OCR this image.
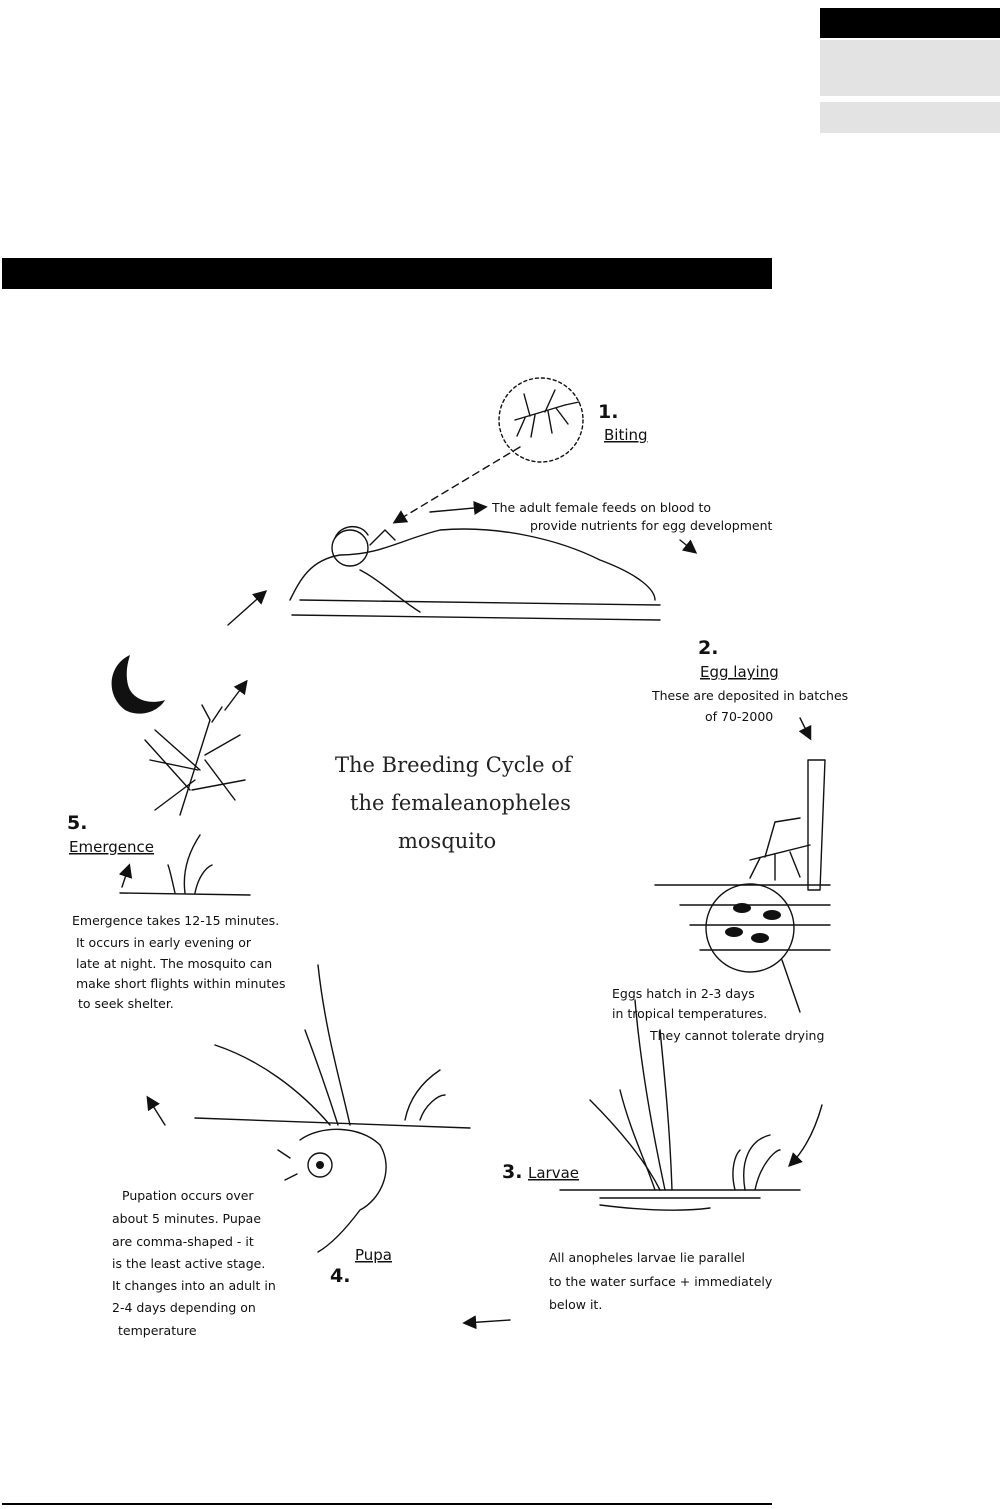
The Breeding Cycle of
the femaleanopheles
mosquito
1.
Biting
The adult female feeds on blood to
provide nutrients for egg development
2.
Egg laying
These are deposited in batches
of 70-2000
Eggs hatch in 2-3 days
in tropical temperatures.
They cannot tolerate drying
3. Larvae
All anopheles larvae lie parallel
to the water surface + immediately
below it.
Pupation occurs over
about 5 minutes. Pupae
are comma-shaped - it
is the least active stage.
It changes into an adult in
2-4 days depending on
temperature
4.
Pupa
5.
Emergence
Emergence takes 12-15 minutes.
It occurs in early evening or
late at night. The mosquito can
make short flights within minutes
to seek shelter.
